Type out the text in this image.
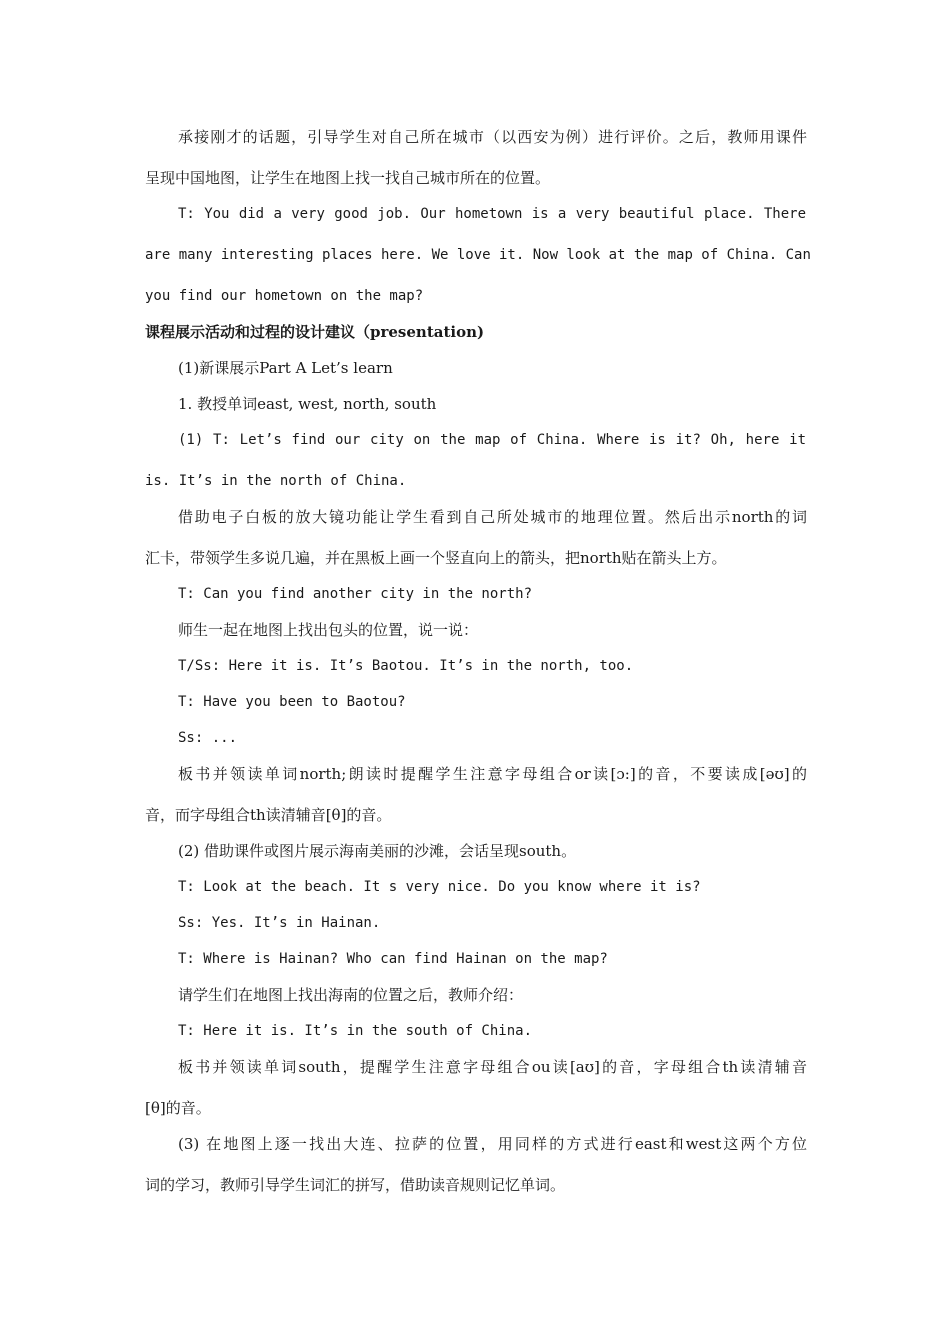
承接刚才的话题，引导学生对自己所在城市（以西安为例）进行评价。之后，教师用课件
呈现中国地图，让学生在地图上找一找自己城市所在的位置。
T: You did a very good job. Our hometown is a very beautiful place. There
are many interesting places here. We love it. Now look at the map of China. Can
you find our hometown on the map?
课程展示活动和过程的设计建议（presentation)
(1)新课展示Part A Let’s learn
1. 教授单词east, west, north, south
(1) T: Let’s find our city on the map of China. Where is it? Oh, here it
is. It’s in the north of China.
借助电子白板的放大镜功能让学生看到自己所处城市的地理位置。然后出示north的词
汇卡，带领学生多说几遍，并在黑板上画一个竖直向上的箭头，把north贴在箭头上方。
T: Can you find another city in the north?
师生一起在地图上找出包头的位置，说一说：
T/Ss: Here it is. It’s Baotou. It’s in the north, too.
T: Have you been to Baotou?
Ss: ...
板书并领读单词north;朗读时提醒学生注意字母组合or读[ɔ:]的音，不要读成[əʊ]的
音，而字母组合th读清辅音[θ]的音。
(2) 借助课件或图片展示海南美丽的沙滩，会话呈现south。
T: Look at the beach. It s very nice. Do you know where it is?
Ss: Yes. It’s in Hainan.
T: Where is Hainan? Who can find Hainan on the map?
请学生们在地图上找出海南的位置之后，教师介绍：
T: Here it is. It’s in the south of China.
板书并领读单词south，提醒学生注意字母组合ou读[aʊ]的音，字母组合th读清辅音
[θ]的音。
(3) 在地图上逐一找出大连、拉萨的位置，用同样的方式进行east和west这两个方位
词的学习，教师引导学生词汇的拼写，借助读音规则记忆单词。
